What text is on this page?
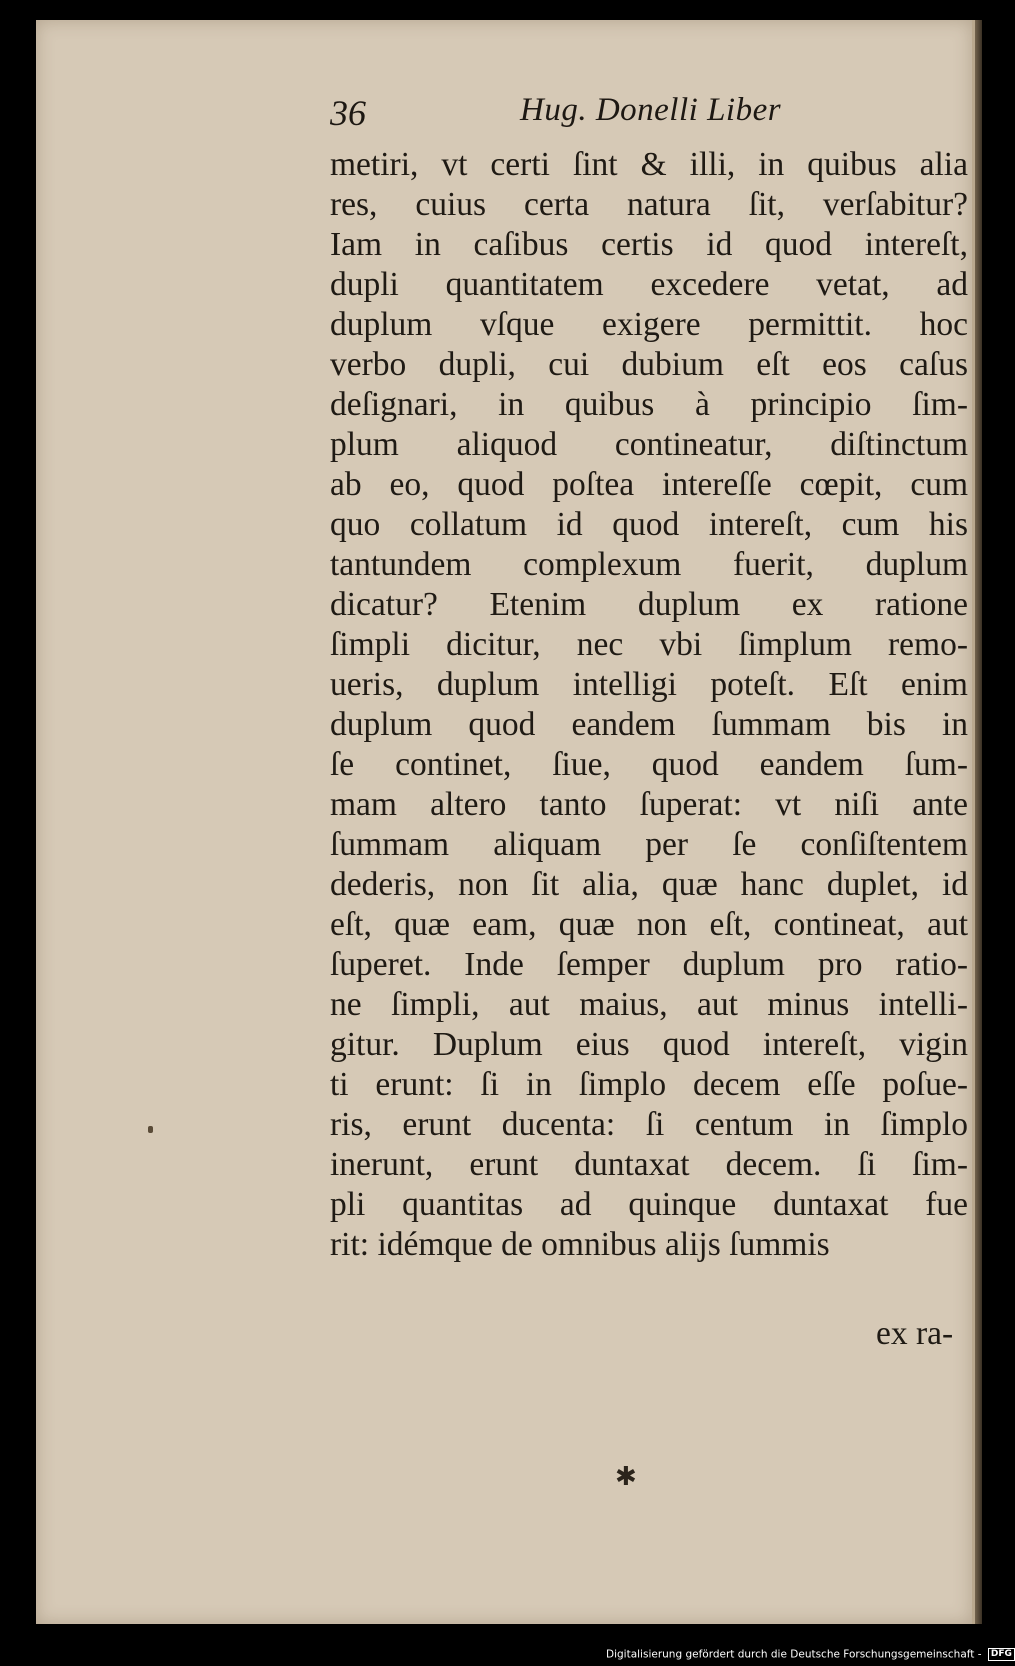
36	Hug. Donelli Liber
metiri, vt certi ſint & illi, in quibus alia
res, cuius certa natura ſit, verſabitur?
Iam in caſibus certis id quod intereſt,
dupli quantitatem excedere vetat, ad
duplum vſque exigere permittit. hoc
verbo dupli, cui dubium eſt eos caſus
deſignari, in quibus à principio ſim-
plum aliquod contineatur, diſtinctum
ab eo, quod poſtea intereſſe cœpit, cum
quo collatum id quod intereſt, cum his
tantundem complexum fuerit, duplum
dicatur? Etenim duplum ex ratione
ſimpli dicitur, nec vbi ſimplum remo-
ueris, duplum intelligi poteſt. Eſt enim
duplum quod eandem ſummam bis in
ſe continet, ſiue, quod eandem ſum-
mam altero tanto ſuperat: vt niſi ante
ſummam aliquam per ſe conſiſtentem
dederis, non ſit alia, quæ hanc duplet, id
eſt, quæ eam, quæ non eſt, contineat, aut
ſuperet. Inde ſemper duplum pro ratio-
ne ſimpli, aut maius, aut minus intelli-
gitur. Duplum eius quod intereſt, vigin
ti erunt: ſi in ſimplo decem eſſe poſue-
ris, erunt ducenta: ſi centum in ſimplo
inerunt, erunt duntaxat decem. ſi ſim-
pli quantitas ad quinque duntaxat fue
rit: idémque de omnibus alijs ſummis
ex ra-
✱
Digitalisierung gefördert durch die Deutsche Forschungsgemeinschaft - DFG
